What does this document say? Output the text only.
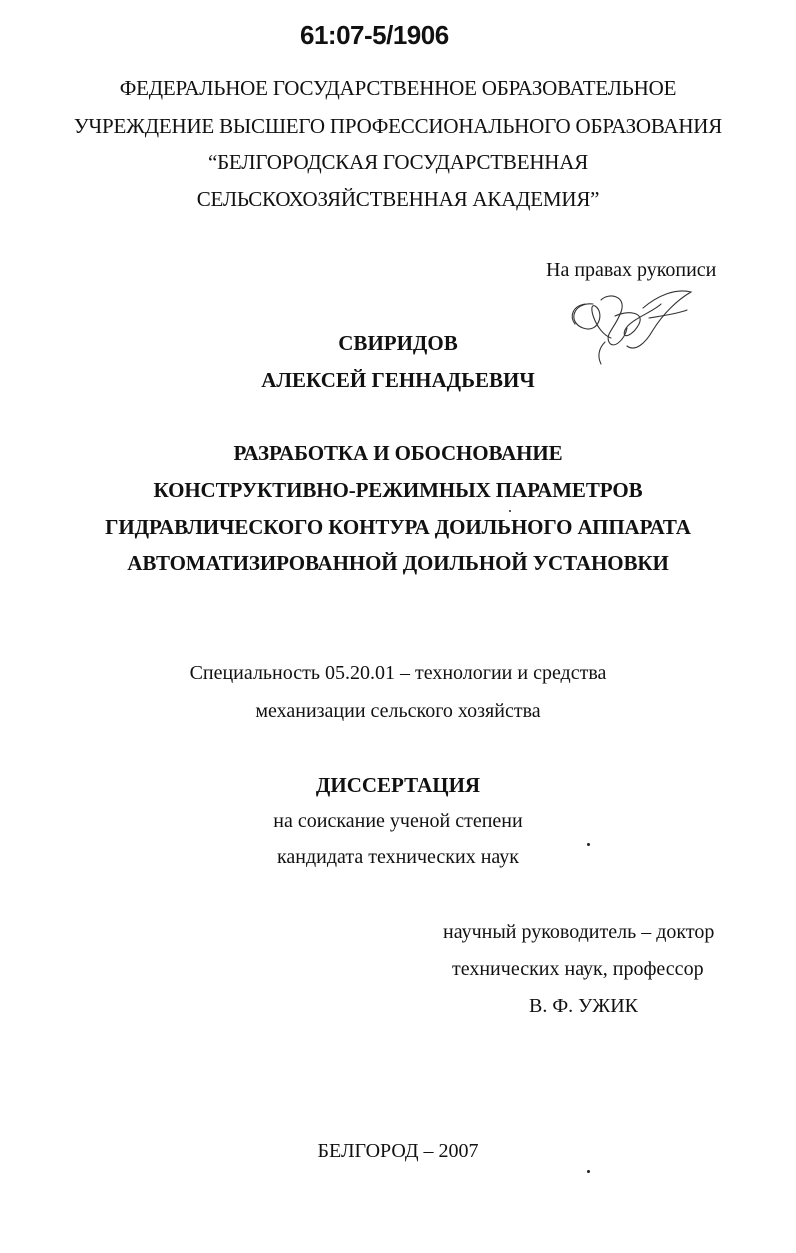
61:07-5/1906
ФЕДЕРАЛЬНОЕ ГОСУДАРСТВЕННОЕ ОБРАЗОВАТЕЛЬНОЕ
УЧРЕЖДЕНИЕ ВЫСШЕГО ПРОФЕССИОНАЛЬНОГО ОБРАЗОВАНИЯ
“БЕЛГОРОДСКАЯ ГОСУДАРСТВЕННАЯ
СЕЛЬСКОХОЗЯЙСТВЕННАЯ АКАДЕМИЯ”
На правах рукописи
СВИРИДОВ
АЛЕКСЕЙ ГЕННАДЬЕВИЧ
РАЗРАБОТКА И ОБОСНОВАНИЕ
КОНСТРУКТИВНО-РЕЖИМНЫХ ПАРАМЕТРОВ
ГИДРАВЛИЧЕСКОГО КОНТУРА ДОИЛЬНОГО АППАРАТА
АВТОМАТИЗИРОВАННОЙ ДОИЛЬНОЙ УСТАНОВКИ
Специальность 05.20.01 – технологии и средства
механизации сельского хозяйства
ДИССЕРТАЦИЯ
на соискание ученой степени
кандидата технических наук
научный руководитель – доктор
технических наук, профессор
В. Ф. УЖИК
БЕЛГОРОД – 2007
